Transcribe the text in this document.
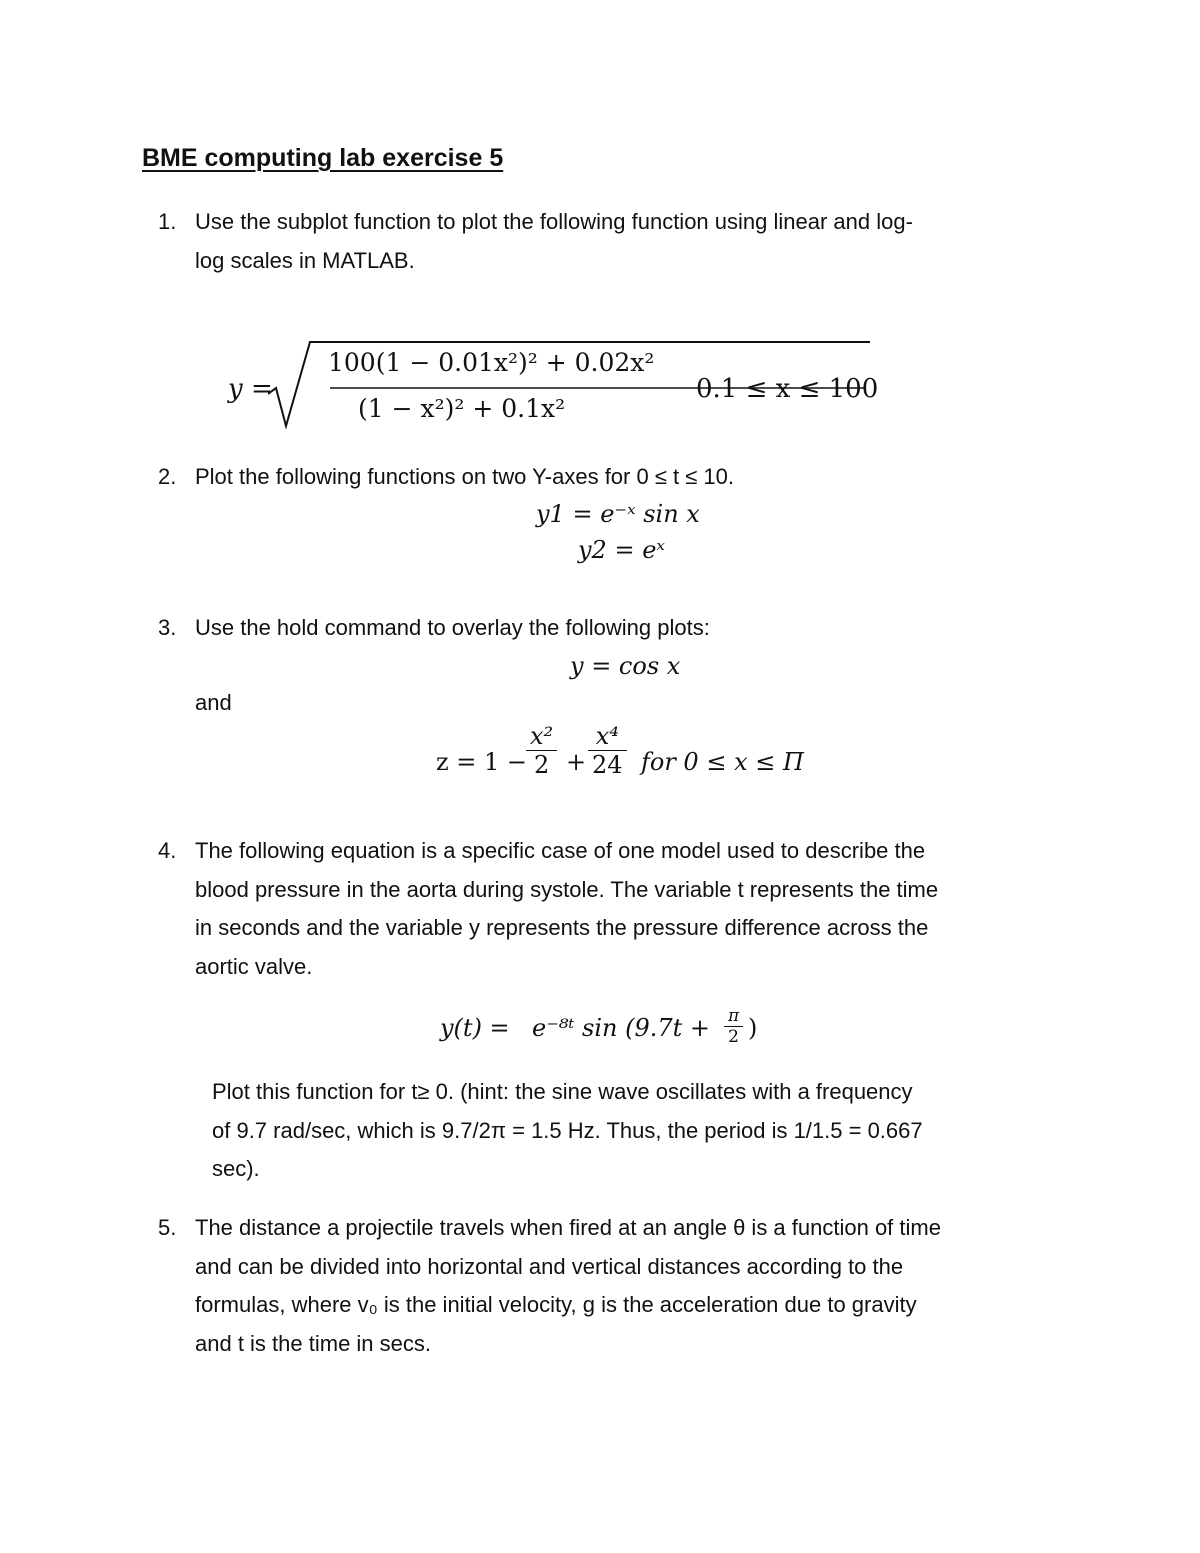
BME computing lab exercise 5
1. Use the subplot function to plot the following function using linear and log-
log scales in MATLAB.
y =
100(1 − 0.01x²)² + 0.02x²
(1 − x²)² + 0.1x²
0.1 ≤ x ≤ 100
2. Plot the following functions on two Y-axes for 0 ≤ t ≤ 10.
y1 = e⁻ˣ sin x
y2 = eˣ
3. Use the hold command to overlay the following plots:
y = cos x
and
z = 1 −
$\frac{\text{x²}}{2} + \frac{\text{x⁴}}{24}$ for 0 ≤ x ≤ Π
4. The following equation is a specific case of one model used to describe the
blood pressure in the aorta during systole. The variable t represents the time
in seconds and the variable y represents the pressure difference across the
aortic valve.
y(t) = e⁻⁸ᵗ $\sin (9.7t + \frac{\pi}{2}$ )
Plot this function for t≥ 0. (hint: the sine wave oscillates with a frequency
of 9.7 rad/sec, which is 9.7/2π = 1.5 Hz. Thus, the period is 1/1.5 = 0.667
sec).
5. The distance a projectile travels when fired at an angle θ is a function of time
and can be divided into horizontal and vertical distances according to the
formulas, where v₀ is the initial velocity, g is the acceleration due to gravity
and t is the time in secs.
